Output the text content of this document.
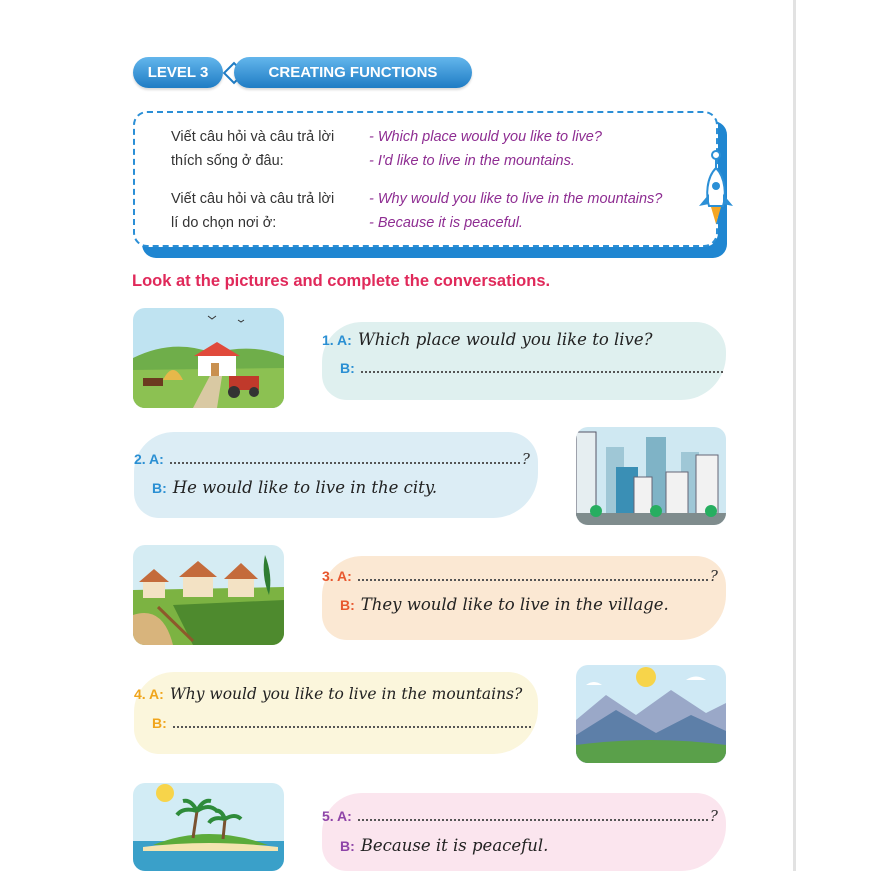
LEVEL 3	CREATING FUNCTIONS
Viết câu hỏi và câu trả lời
thích sống ở đâu:
- Which place would you like to live?
- I'd like to live in the mountains.
Viết câu hỏi và câu trả lời
lí do chọn nơi ở:
- Why would you like to live in the mountains?
- Because it is peaceful.
Look at the pictures and complete the conversations.
1. A: Which place would you like to live?
B:
2. A:	?
B: He would like to live in the city.
3. A:	?
B: They would like to live in the village.
4. A: Why would you like to live in the mountains?
B:
5. A:	?
B: Because it is peaceful.
